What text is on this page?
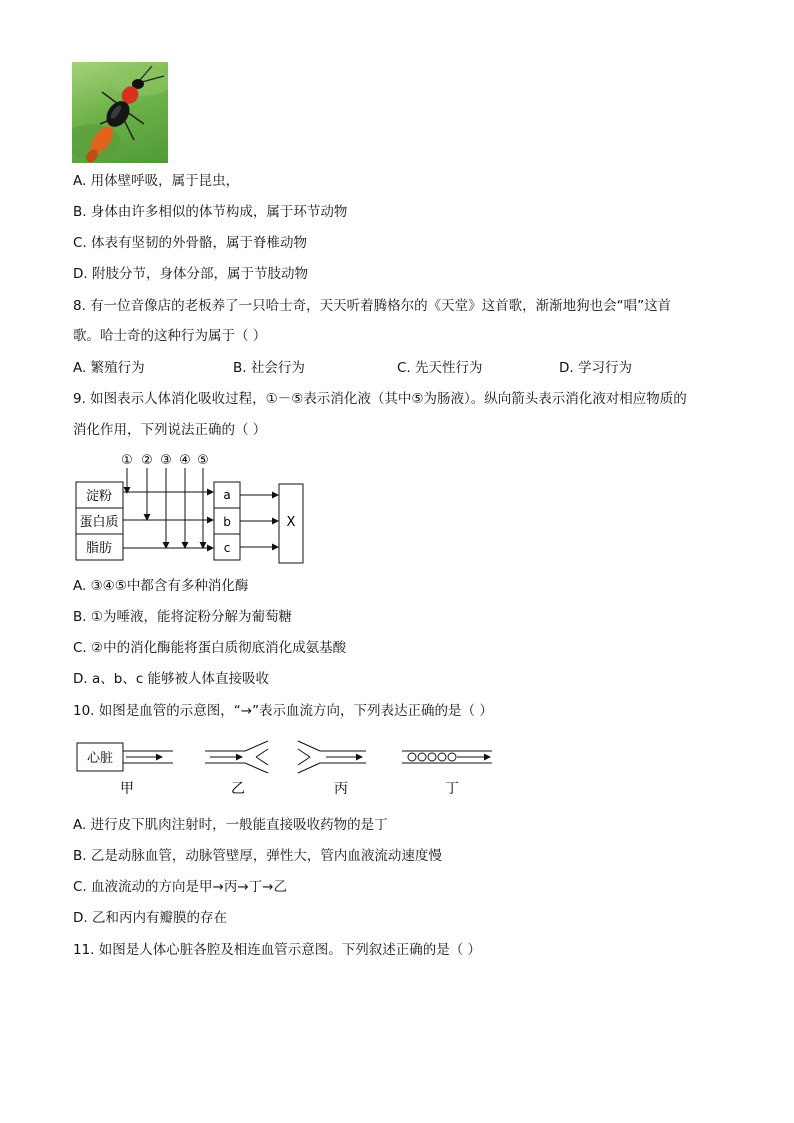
A. 用体壁呼吸，属于昆虫，
B. 身体由许多相似的体节构成，属于环节动物
C. 体表有坚韧的外骨骼，属于脊椎动物
D. 附肢分节，身体分部，属于节肢动物
8. 有一位音像店的老板养了一只哈士奇，天天听着腾格尔的《天堂》这首歌，渐渐地狗也会“唱”这首
歌。哈士奇的这种行为属于（ ）
A. 繁殖行为	B. 社会行为	C. 先天性行为	D. 学习行为
9. 如图表示人体消化吸收过程，①－⑤表示消化液（其中⑤为肠液）。纵向箭头表示消化液对相应物质的
消化作用，下列说法正确的（ ）
① ② ③ ④ ⑤
淀粉
蛋白质
脂肪
a
b
c
X
A. ③④⑤中都含有多种消化酶
B. ①为唾液，能将淀粉分解为葡萄糖
C. ②中的消化酶能将蛋白质彻底消化成氨基酸
D. a、b、c 能够被人体直接吸收
10. 如图是血管的示意图，“→”表示血流方向，下列表达正确的是（ ）
心脏
甲	乙	丙	丁
A. 进行皮下肌肉注射时，一般能直接吸收药物的是丁
B. 乙是动脉血管，动脉管壁厚，弹性大，管内血液流动速度慢
C. 血液流动的方向是甲→丙→丁→乙
D. 乙和丙内有瓣膜的存在
11. 如图是人体心脏各腔及相连血管示意图。下列叙述正确的是（ ）
